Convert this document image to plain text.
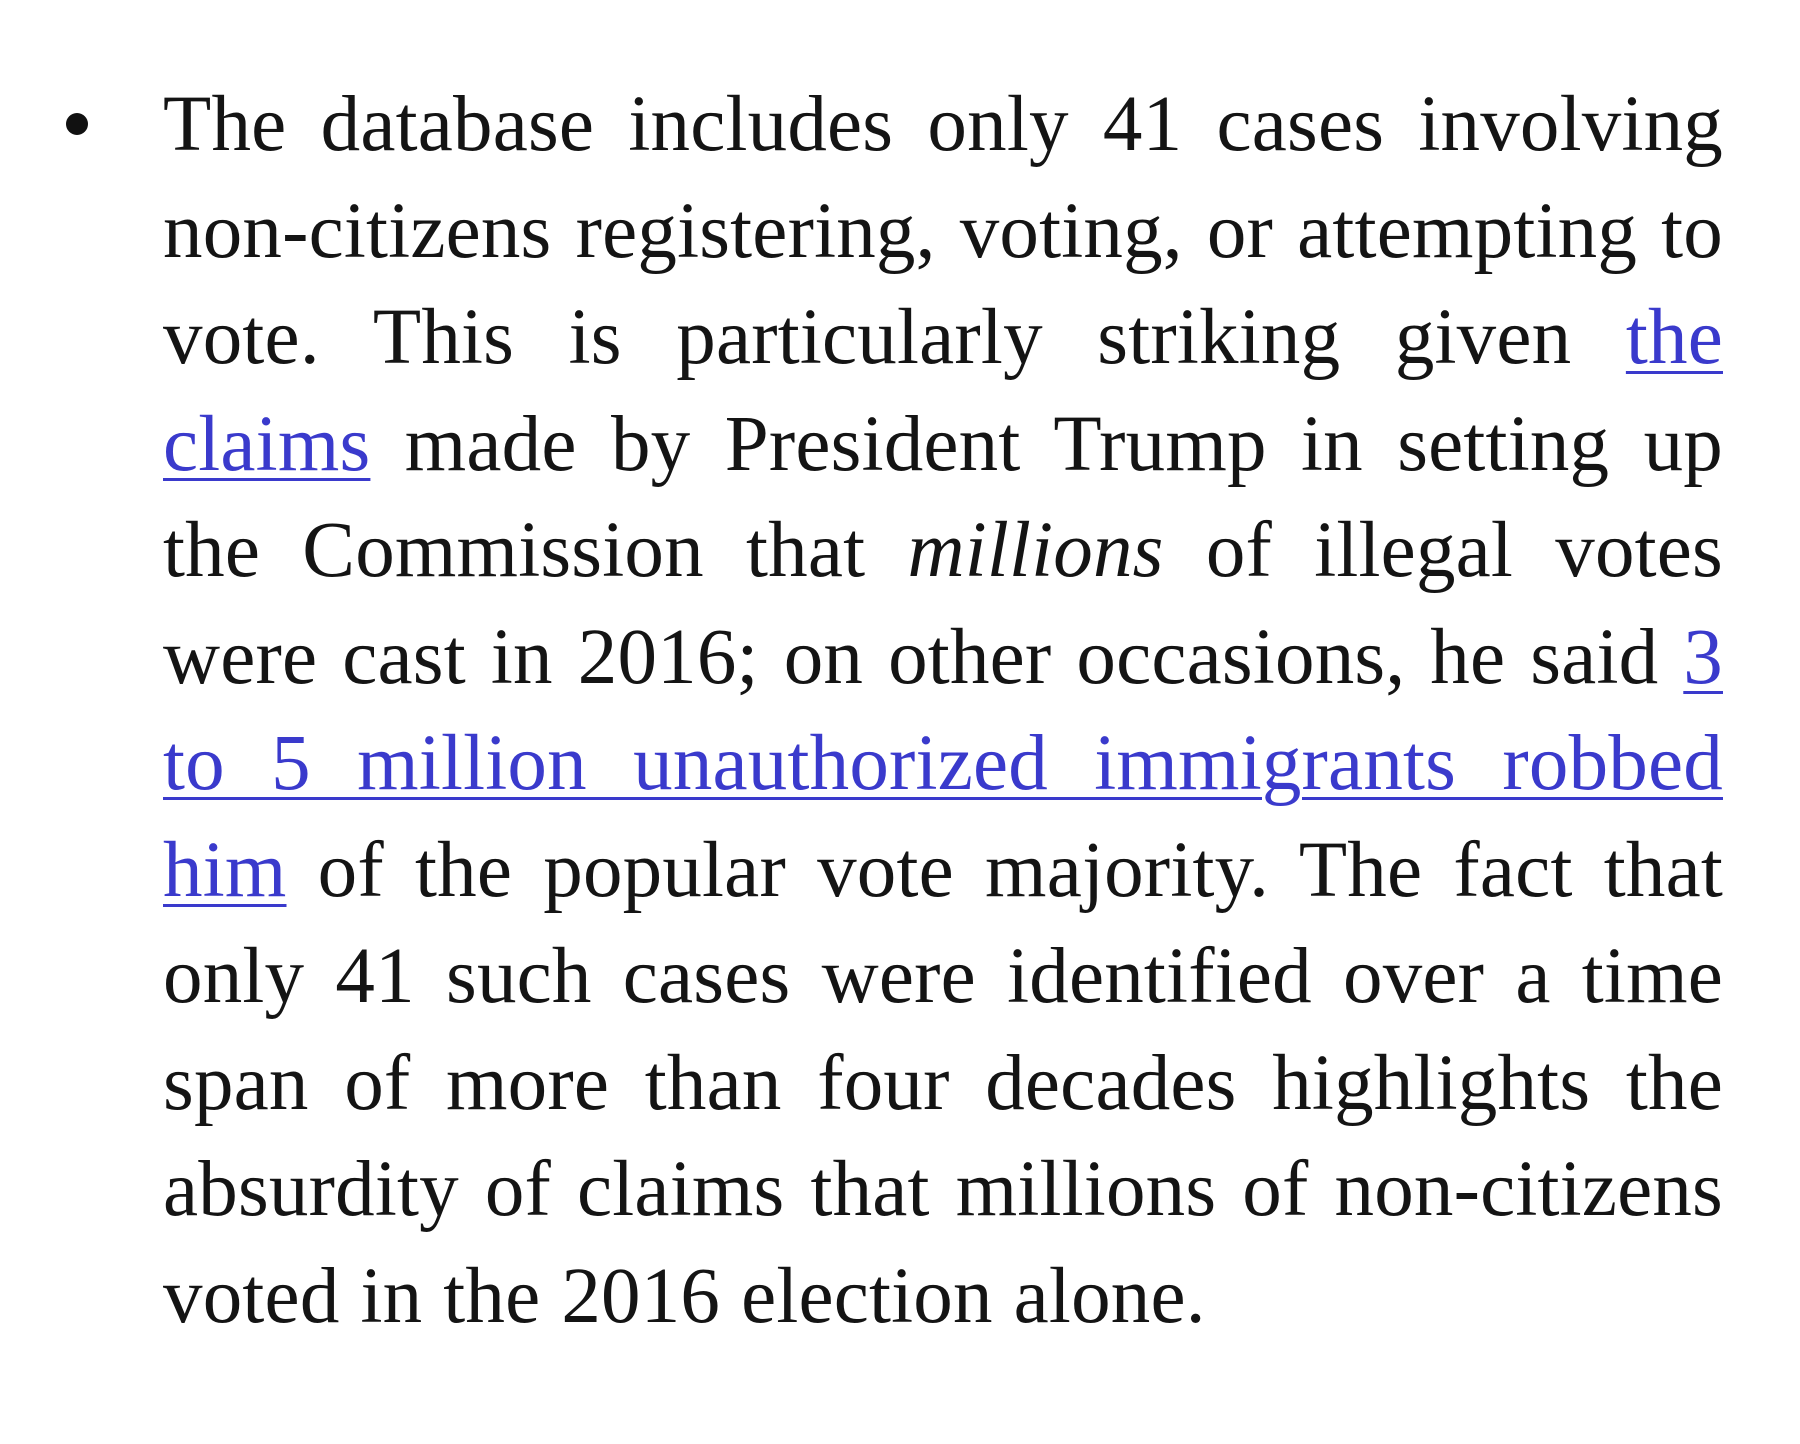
The database includes only 41 cases involving non-citizens registering, voting, or attempting to vote. This is particularly striking given the claims made by President Trump in setting up the Commission that millions of illegal votes were cast in 2016; on other occasions, he said 3 to 5 million unauthorized immigrants robbed him of the popular vote majority. The fact that only 41 such cases were identified over a time span of more than four decades highlights the absurdity of claims that millions of non-citizens voted in the 2016 election alone.
